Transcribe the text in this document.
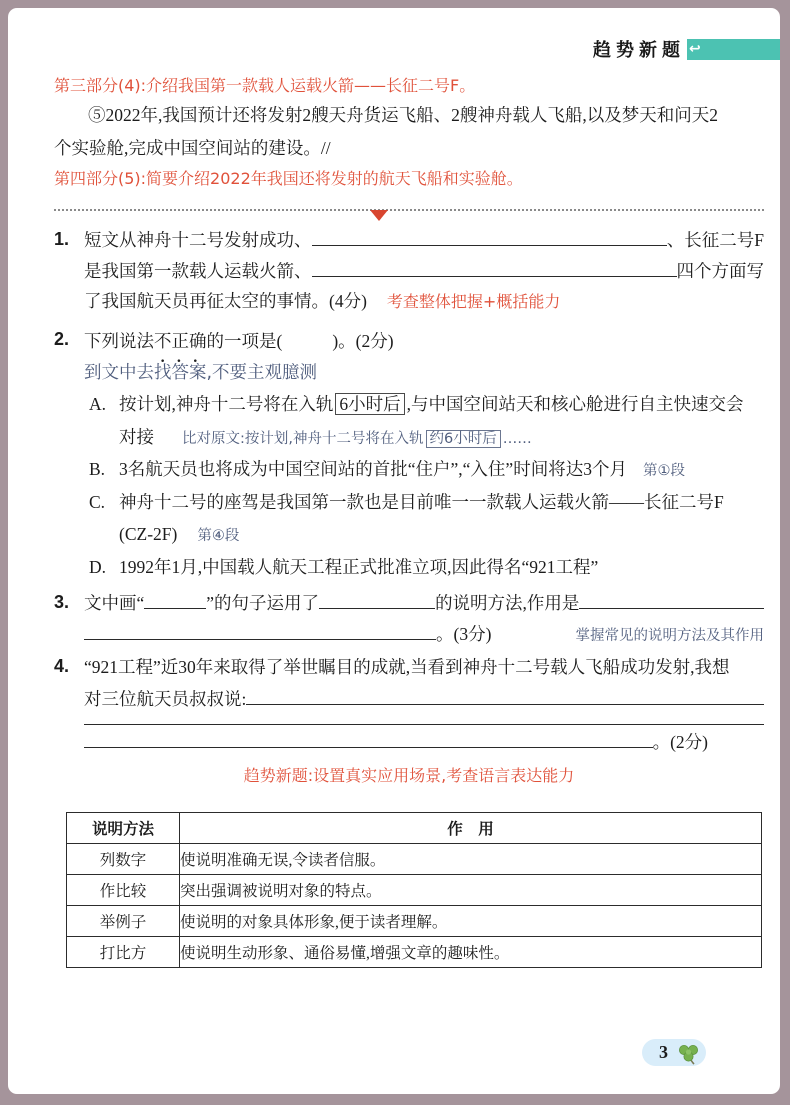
趋势新题 ↩
第三部分(4):介绍我国第一款载人运载火箭——长征二号F。
⑤2022年,我国预计还将发射2艘天舟货运飞船、2艘神舟载人飞船,以及梦天和问天2
个实验舱,完成中国空间站的建设。//
第四部分(5):简要介绍2022年我国还将发射的航天飞船和实验舱。
1. 短文从神舟十二号发射成功、	、长征二号F
是我国第一款载人运载火箭、	四个方面写
了我国航天员再征太空的事情。(4分) 考查整体把握+概括能力
2. 下列说法 不正确 ••• 的一项是(	)。(2分)
到文中去找答案,不要主观臆测
A. 按计划,神舟十二号将在入轨 6小时后 ,与中国空间站天和核心舱进行自主快速交会
对接 比对原文:按计划,神舟十二号将在入轨 约6小时后 ……
B. 3名航天员也将成为中国空间站的首批“住户”,“入住”时间将达3个月 第①段
C. 神舟十二号的座驾是我国第一款也是目前唯一一款载人运载火箭——长征二号F
(CZ-2F) 第④段
D. 1992年1月,中国载人航天工程正式批准立项,因此得名“921工程”
3. 文中画“	”的句子运用了	的说明方法,作用是
。(3分)	掌握常见的说明方法及其作用
4. “921工程”近30年来取得了举世瞩目的成就,当看到神舟十二号载人飞船成功发射,我想
对三位航天员叔叔说:
。(2分)
趋势新题:设置真实应用场景,考查语言表达能力
说明方法	作　用
列数字	使说明准确无误,令读者信服。
作比较	突出强调被说明对象的特点。
举例子	使说明的对象具体形象,便于读者理解。
打比方	使说明生动形象、通俗易懂,增强文章的趣味性。
3
